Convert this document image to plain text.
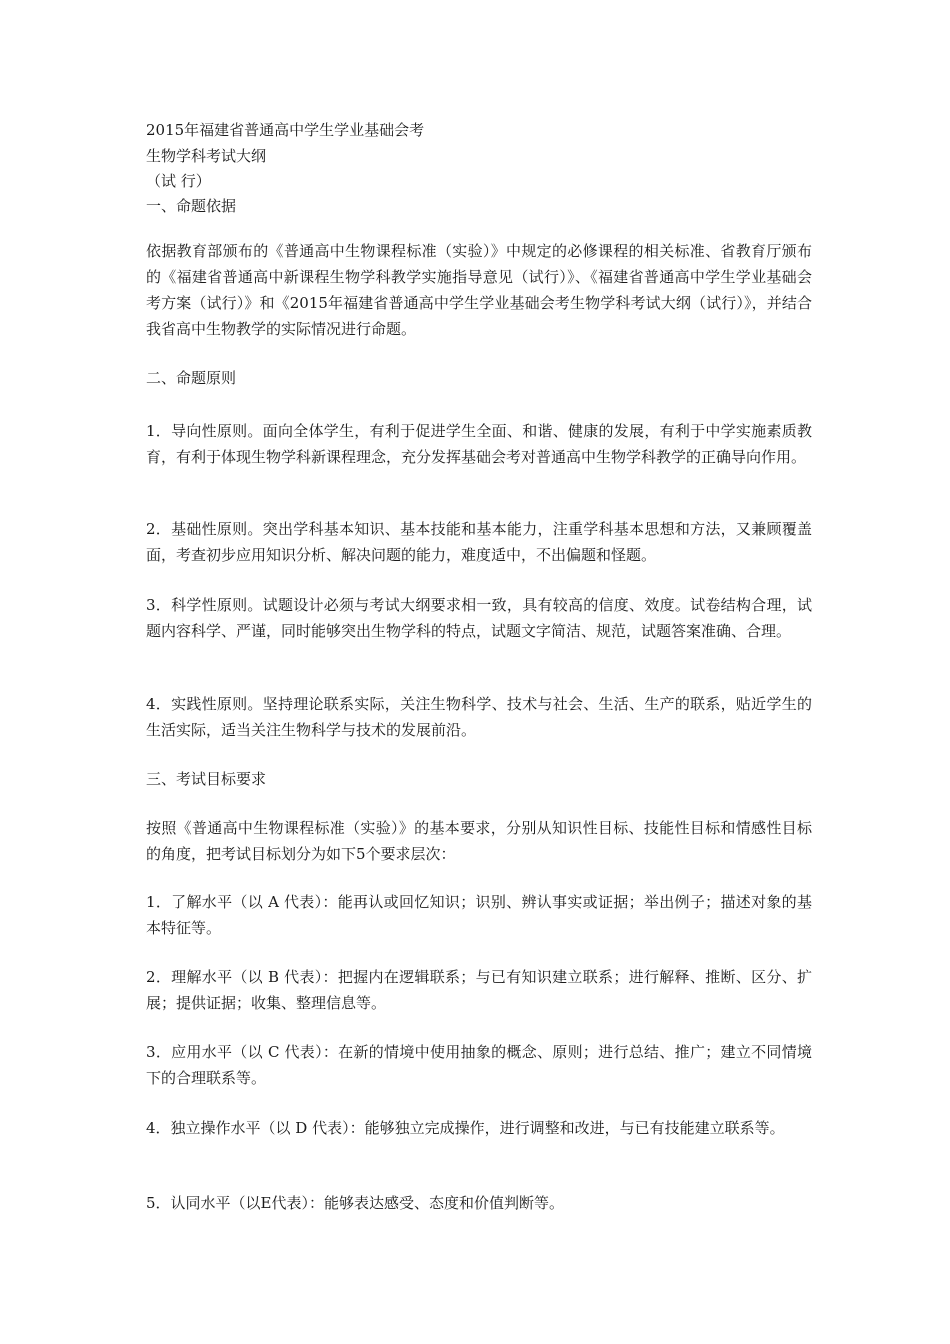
2015年福建省普通高中学生学业基础会考

生物学科考试大纲

（试 行）

一、命题依据

依据教育部颁布的《普通高中生物课程标准（实验）》中规定的必修课程的相关标准、省教育厅颁布的《福建省普通高中新课程生物学科教学实施指导意见（试行）》、《福建省普通高中学生学业基础会考方案（试行）》和《2015年福建省普通高中学生学业基础会考生物学科考试大纲（试行）》，并结合我省高中生物教学的实际情况进行命题。

二、命题原则

1．导向性原则。面向全体学生，有利于促进学生全面、和谐、健康的发展，有利于中学实施素质教育，有利于体现生物学科新课程理念，充分发挥基础会考对普通高中生物学科教学的正确导向作用。

2．基础性原则。突出学科基本知识、基本技能和基本能力，注重学科基本思想和方法，又兼顾覆盖面，考查初步应用知识分析、解决问题的能力，难度适中，不出偏题和怪题。

3．科学性原则。试题设计必须与考试大纲要求相一致，具有较高的信度、效度。试卷结构合理，试题内容科学、严谨，同时能够突出生物学科的特点，试题文字简洁、规范，试题答案准确、合理。

4．实践性原则。坚持理论联系实际，关注生物科学、技术与社会、生活、生产的联系，贴近学生的生活实际，适当关注生物科学与技术的发展前沿。

三、考试目标要求

按照《普通高中生物课程标准（实验）》的基本要求，分别从知识性目标、技能性目标和情感性目标的角度，把考试目标划分为如下5个要求层次：

1．了解水平（以 A 代表）：能再认或回忆知识；识别、辨认事实或证据；举出例子；描述对象的基本特征等。

2．理解水平（以 B 代表）：把握内在逻辑联系；与已有知识建立联系；进行解释、推断、区分、扩展；提供证据；收集、整理信息等。

3．应用水平（以 C 代表）：在新的情境中使用抽象的概念、原则；进行总结、推广；建立不同情境下的合理联系等。

4．独立操作水平（以 D 代表）：能够独立完成操作，进行调整和改进，与已有技能建立联系等。

5．认同水平（以E代表）：能够表达感受、态度和价值判断等。
